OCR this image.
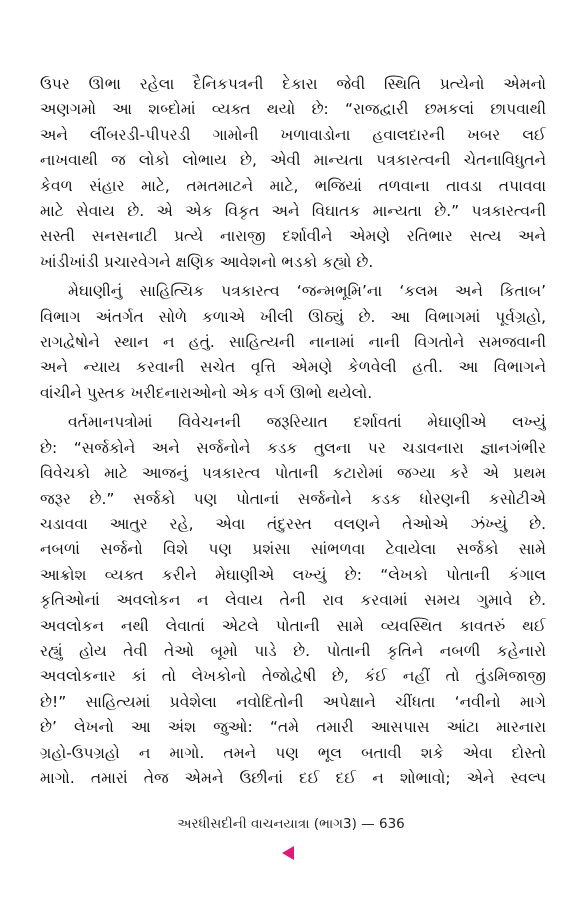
ઉપર ઊભા રહેલા દૈનિકપત્રની દેકારા જેવી સ્થિતિ પ્રત્યેનો એમનો
અણગમો આ શબ્દોમાં વ્યક્ત થયો છે: “રાજદ્વારી છમકલાં છાપવાથી
અને લીંબરડી-પીપરડી ગામોની ખળાવાડોના હવાલદારની ખબર લઈ
નાખવાથી જ લોકો લોભાય છે, એવી માન્યતા પત્રકારત્વની ચેતનાવિધુતને
કેવળ સંહાર માટે, તમતમાટને માટે, ભજિયાં તળવાના તાવડા તપાવવા
માટે સેવાય છે. એ એક વિકૃત અને વિઘાતક માન્યતા છે.” પત્રકારત્વની
સસ્તી સનસનાટી પ્રત્યે નારાજી દર્શાવીને એમણે રતિભાર સત્ય અને
ખાંડીખાંડી પ્રચારવેગને ક્ષણિક આવેશનો ભડકો કહ્યો છે.

મેઘાણીનું સાહિત્યિક પત્રકારત્વ ‘જન્મભૂમિ’ના ‘કલમ અને કિતાબ’
વિભાગ અંતર્ગત સોળે કળાએ ખીલી ઊઠ્યું છે. આ વિભાગમાં પૂર્વગ્રહો,
રાગદ્વેષોને સ્થાન ન હતું. સાહિત્યની નાનામાં નાની વિગતોને સમજવાની
અને ન્યાય કરવાની સચેત વૃત્તિ એમણે કેળવેલી હતી. આ વિભાગને
વાંચીને પુસ્તક ખરીદનારાઓનો એક વર્ગ ઊભો થયેલો.

વર્તમાનપત્રોમાં વિવેચનની જરૂરિયાત દર્શાવતાં મેઘાણીએ લખ્યું
છે: “સર્જકોને અને સર્જનોને કડક તુલના પર ચડાવનારા જ્ઞાનગંભીર
વિવેચકો માટે આજનું પત્રકારત્વ પોતાની કટારોમાં જગ્યા કરે એ પ્રથમ
જરૂર છે.” સર્જકો પણ પોતાનાં સર્જનોને કડક ધોરણની કસોટીએ
ચડાવવા આતુર રહે, એવા તંદુરસ્ત વલણને તેઓએ ઝંખ્યું છે.
નબળાં સર્જનો વિશે પણ પ્રશંસા સાંભળવા ટેવાયેલા સર્જકો સામે
આક્રોશ વ્યક્ત કરીને મેઘાણીએ લખ્યું છે: “લેખકો પોતાની કંગાલ
કૃતિઓનાં અવલોકન ન લેવાય તેની રાવ કરવામાં સમય ગુમાવે છે.
અવલોકન નથી લેવાતાં એટલે પોતાની સામે વ્યવસ્થિત કાવતરું થઈ
રહ્યું હોય તેવી તેઓ બૂમો પાડે છે. પોતાની કૃતિને નબળી કહેનારો
અવલોકનાર કાં તો લેખકોનો તેજોદ્વેષી છે, કંઈ નહીં તો તુંડમિજાજી
છે!” સાહિત્યમાં પ્રવેશેલા નવોદિતોની અપેક્ષાને ચીંધતા ‘નવીનો માગે
છે’ લેખનો આ અંશ જુઓ: “તમે તમારી આસપાસ આંટા મારનારા
ગ્રહો-ઉપગ્રહો ન માગો. તમને પણ ભૂલ બતાવી શકે એવા દોસ્તો
માગો. તમારાં તેજ એમને ઉછીનાં દઈ દઈ ન શોભાવો; એને સ્વલ્પ

અરધીસદીની વાચનયાત્રા (ભાગ3) — 636
